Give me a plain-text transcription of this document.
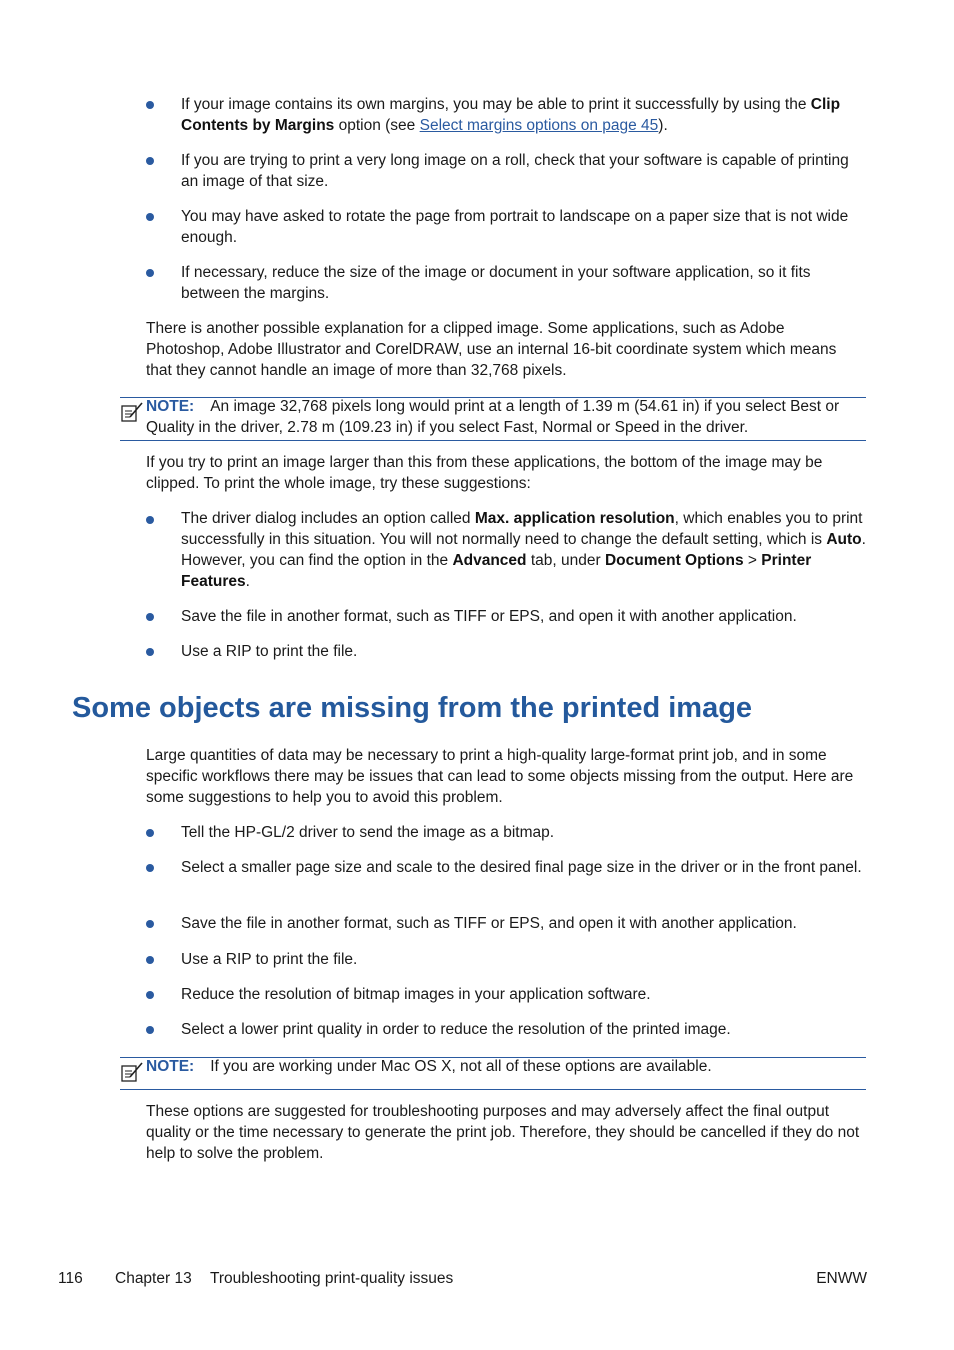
If your image contains its own margins, you may be able to print it successfully by using the Clip Contents by Margins option (see Select margins options on page 45).
If you are trying to print a very long image on a roll, check that your software is capable of printing an image of that size.
You may have asked to rotate the page from portrait to landscape on a paper size that is not wide enough.
If necessary, reduce the size of the image or document in your software application, so it fits between the margins.
There is another possible explanation for a clipped image. Some applications, such as Adobe Photoshop, Adobe Illustrator and CorelDRAW, use an internal 16-bit coordinate system which means that they cannot handle an image of more than 32,768 pixels.
NOTE: An image 32,768 pixels long would print at a length of 1.39 m (54.61 in) if you select Best or Quality in the driver, 2.78 m (109.23 in) if you select Fast, Normal or Speed in the driver.
If you try to print an image larger than this from these applications, the bottom of the image may be clipped. To print the whole image, try these suggestions:
The driver dialog includes an option called Max. application resolution, which enables you to print successfully in this situation. You will not normally need to change the default setting, which is Auto. However, you can find the option in the Advanced tab, under Document Options > Printer Features.
Save the file in another format, such as TIFF or EPS, and open it with another application.
Use a RIP to print the file.
Some objects are missing from the printed image
Large quantities of data may be necessary to print a high-quality large-format print job, and in some specific workflows there may be issues that can lead to some objects missing from the output. Here are some suggestions to help you to avoid this problem.
Tell the HP-GL/2 driver to send the image as a bitmap.
Select a smaller page size and scale to the desired final page size in the driver or in the front panel.
Save the file in another format, such as TIFF or EPS, and open it with another application.
Use a RIP to print the file.
Reduce the resolution of bitmap images in your application software.
Select a lower print quality in order to reduce the resolution of the printed image.
NOTE: If you are working under Mac OS X, not all of these options are available.
These options are suggested for troubleshooting purposes and may adversely affect the final output quality or the time necessary to generate the print job. Therefore, they should be cancelled if they do not help to solve the problem.
116 Chapter 13 Troubleshooting print-quality issues	ENWW
